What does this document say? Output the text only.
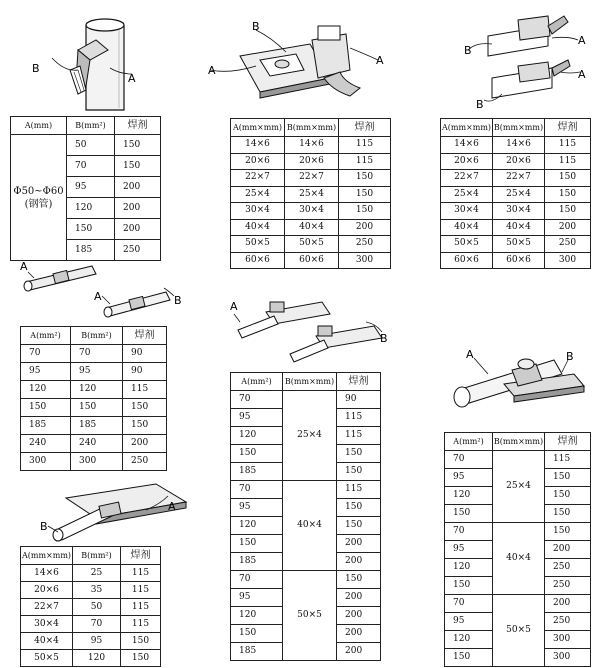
B
A
A
B
A
B
A
A
B
A
A	B
A
B
A
B
A	B
A(mm)	B(mm²)	焊剂
Φ50~Φ60
(钢管)	50	150
	70	150
	95	200
	120	200
	150	200
	185	250
A(mm×mm)	B(mm×mm)	焊剂
14×6	14×6	115
20×6	20×6	115
22×7	22×7	150
25×4	25×4	150
30×4	30×4	150
40×4	40×4	200
50×5	50×5	250
60×6	60×6	300
A(mm×mm)	B(mm×mm)	焊剂
14×6	14×6	115
20×6	20×6	115
22×7	22×7	150
25×4	25×4	150
30×4	30×4	150
40×4	40×4	200
50×5	50×5	250
60×6	60×6	300
A(mm²)	B(mm²)	焊剂
70	70	90
95	95	90
120	120	115
150	150	150
185	185	150
240	240	200
300	300	250
A(mm×mm)	B(mm²)	焊剂
14×6	25	115
20×6	35	115
22×7	50	115
30×4	70	115
40×4	95	150
50×5	120	150
A(mm²)	B(mm×mm)	焊剂
70	25×4	90
95		115
120		115
150		150
185		150
70	40×4	115
95		150
120		150
150		200
185		200
70	50×5	150
95		200
120		200
150		200
185		200
A(mm²)	B(mm×mm)	焊剂
70	25×4	115
95		150
120		150
150		150
70	40×4	150
95		200
120		250
150		250
70	50×5	200
95		250
120		300
150		300
